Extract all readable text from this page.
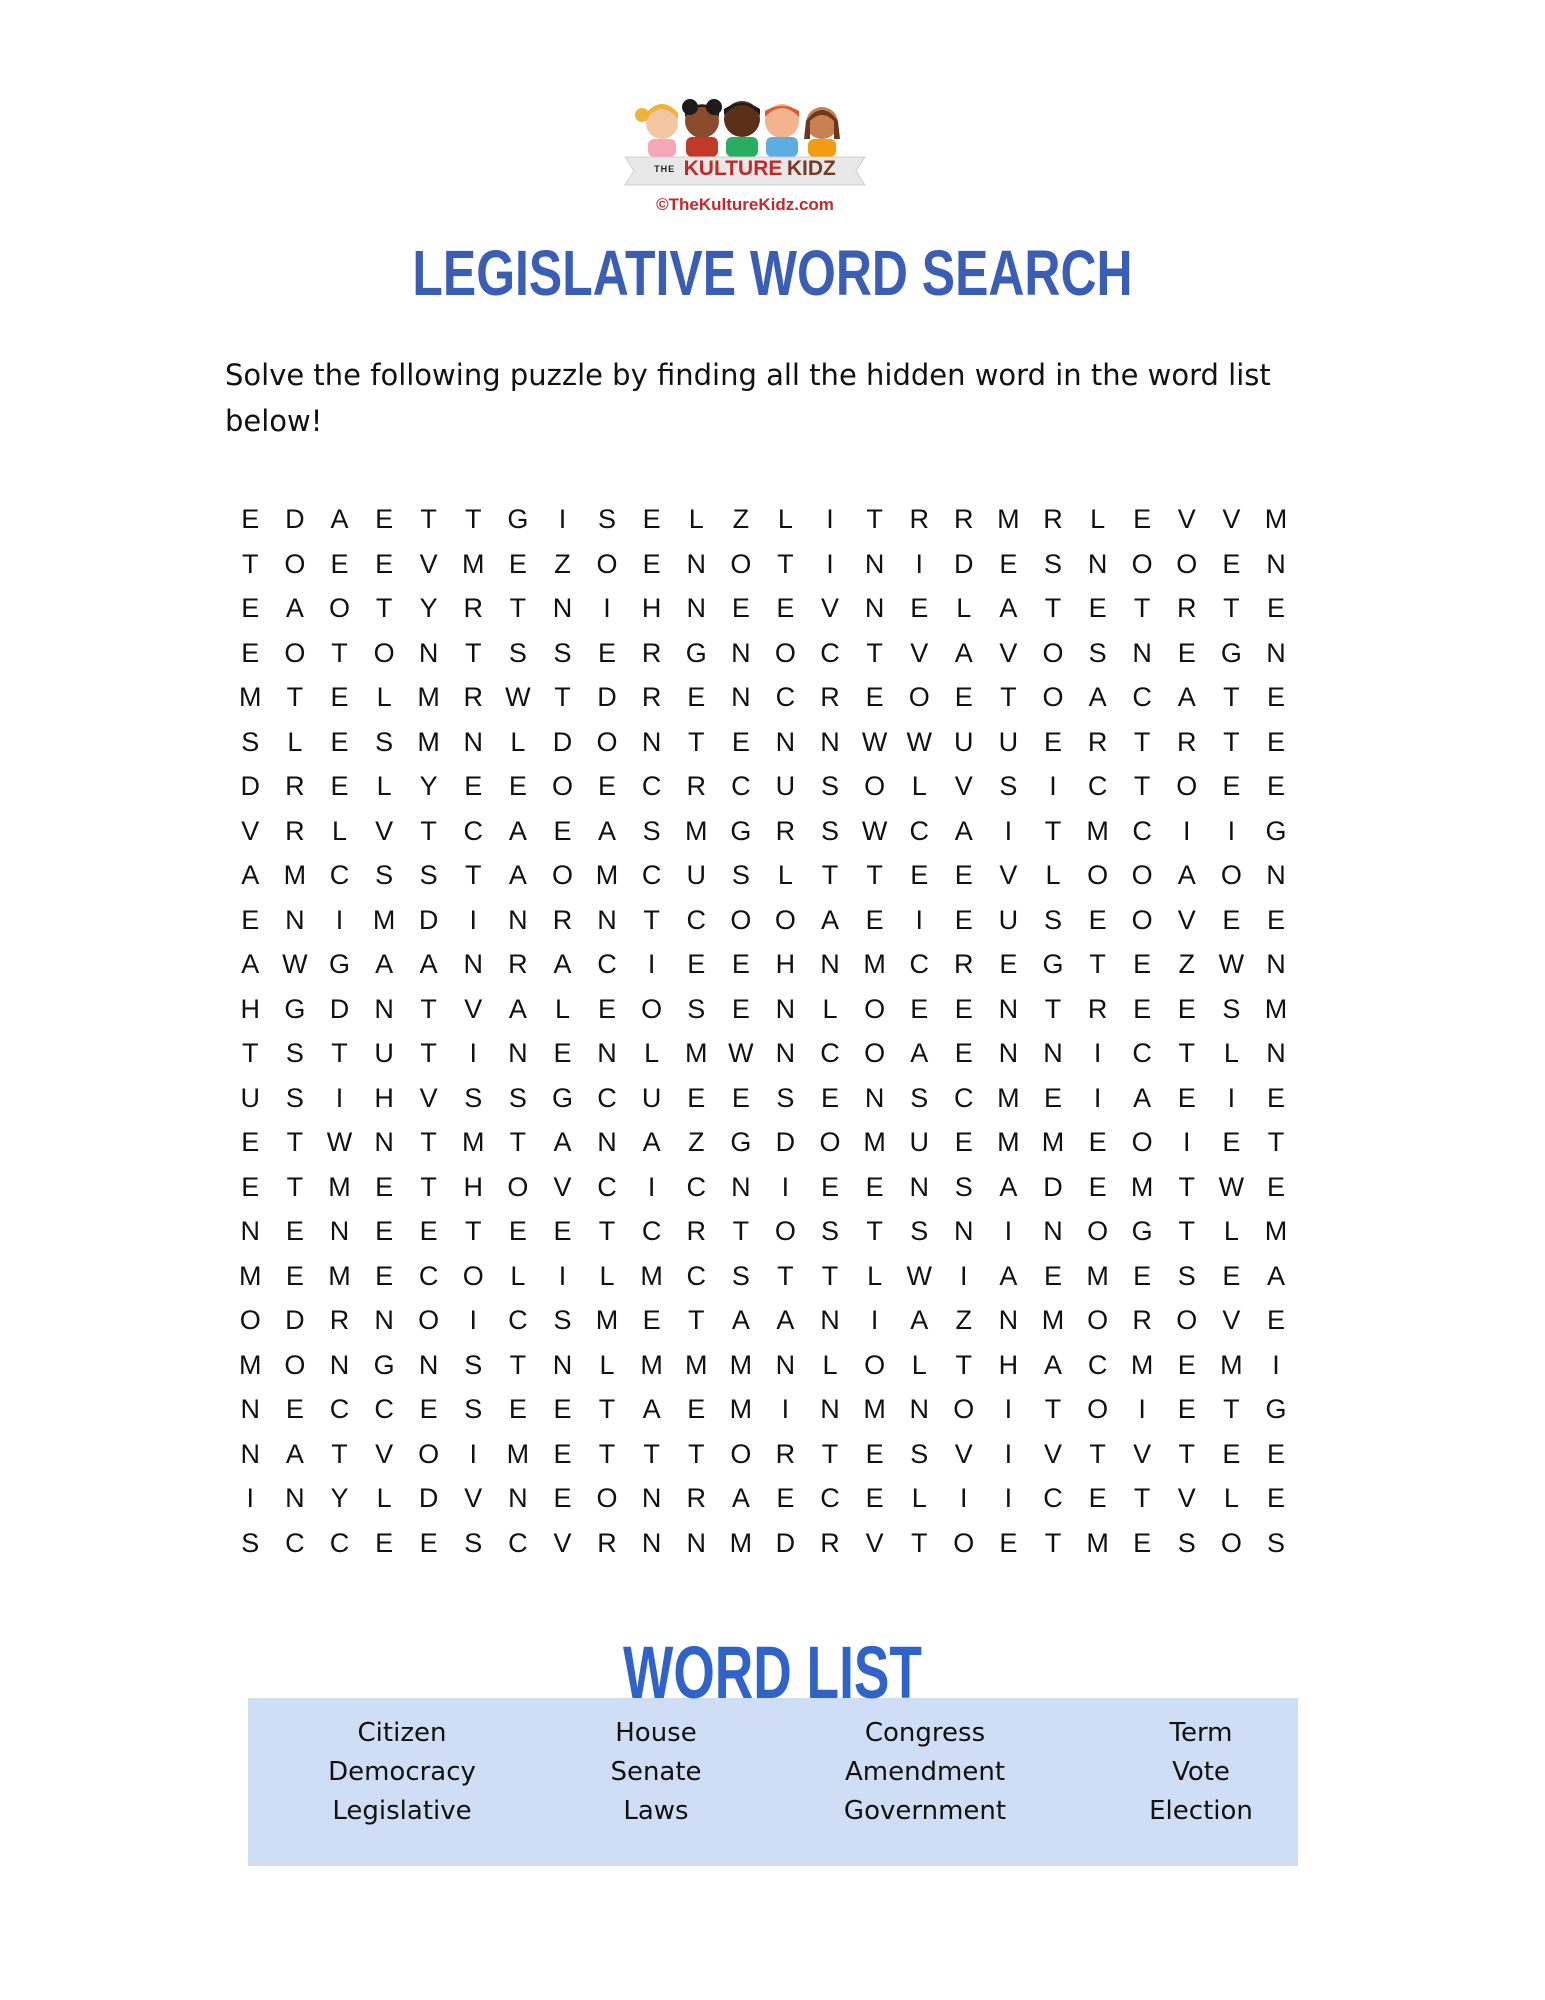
THE KULTURE KIDZ
©TheKultureKidz.com
LEGISLATIVE WORD SEARCH
Solve the following puzzle by finding all the hidden word in the word list below!
E D A E	T	T G	I	S E	L	Z	L	I	T R R M R	L	E V V M
T O E E V M E	Z O E N O T	I	N	I	D E S N O O E N
E A O T	Y R T N	I	H N E E V N E	L	A	T	E	T R T	E
E O T O N T	S S E R G N O C T	V A V O S N E G N
M T	E	L M R W T D R E N C R E O E	T O A C A	T	E
S	L	E S M N	L	D O N T	E N N W W U U E R T R T	E
D R E	L	Y E E O E C R C U S O L	V S	I	C T O E E
V R	L	V	T C A E A S M G R S W C A	I	T M C	I	I	G
A M C S S	T	A O M C U S	L	T	T	E E V	L O O A O N
E N	I	M D	I	N R N T C O O A E	I	E U S E O V E E
A W G A A N R A C	I	E E H N M C R E G T	E	Z W N
H G D N T	V A	L	E O S E N	L O E E N T R E E S M
T	S	T U T	I	N E N	L M W N C O A E N N	I	C T	L	N
U S	I	H V S S G C U E E S E N S C M E	I	A E	I	E
E	T W N T M T	A N A	Z G D O M U E M M E O	I	E	T
E	T M E	T H O V C	I	C N	I	E E N S A D E M T W E
N E N E E	T	E E	T C R T O S	T	S N	I	N O G T	L M
M E M E C O L	I	L M C S	T	T	L W	I	A E M E S E A
O D R N O	I	C S M E	T	A A N	I	A	Z N M O R O V E
M O N G N S	T N	L M M M N	L O L	T H A C M E M	I
N E C C E S E E	T	A E M	I	N M N O	I	T O	I	E	T G
N A	T	V O	I	M E	T	T	T O R T	E S V	I	V	T	V	T	E E
I	N Y	L	D V N E O N R A E C E	L	I	I	C E	T	V	L	E
S C C E E S C V R N N M D R V	T O E	T M E S O S
WORD LIST
Citizen
Democracy
Legislative
House
Senate
Laws
Congress
Amendment
Government
Term
Vote
Election
